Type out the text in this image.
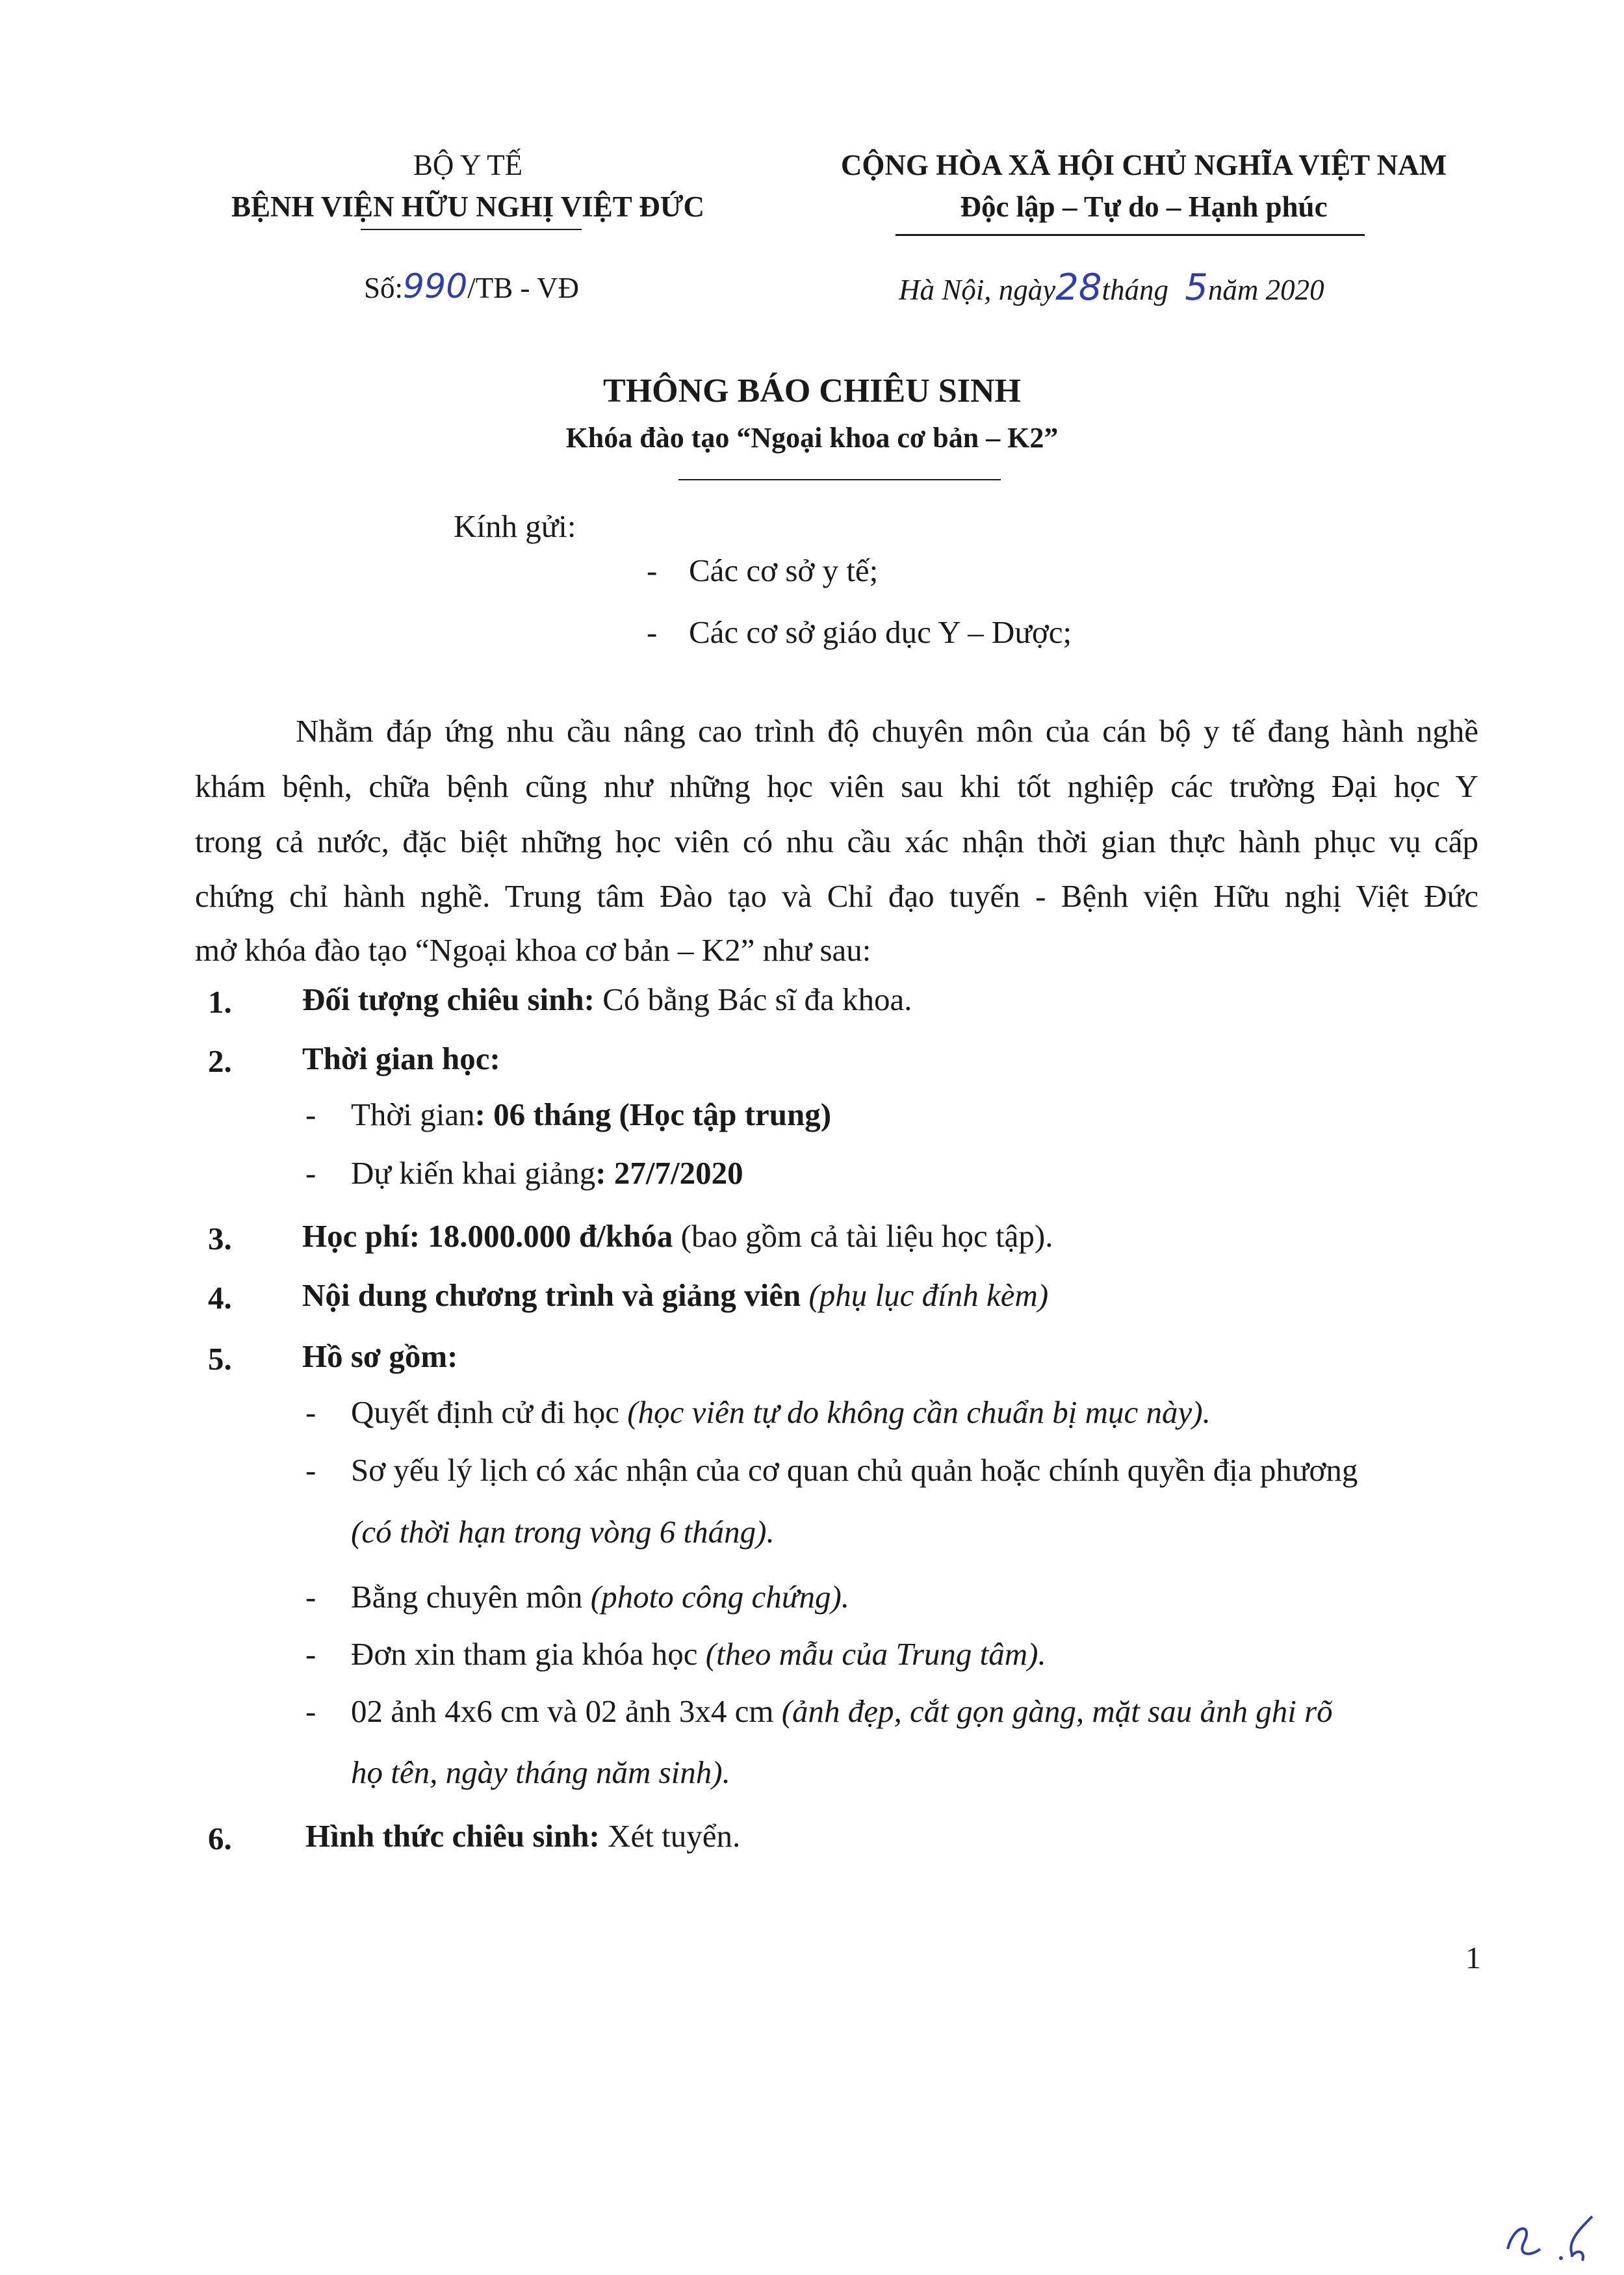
BỘ Y TẾ
BỆNH VIỆN HỮU NGHỊ VIỆT ĐỨC
CỘNG HÒA XÃ HỘI CHỦ NGHĨA VIỆT NAM
Độc lập – Tự do – Hạnh phúc
Số:990/TB - VĐ	Hà Nội, ngày28tháng 5năm 2020
THÔNG BÁO CHIÊU SINH
Khóa đào tạo “Ngoại khoa cơ bản – K2”
Kính gửi:
- Các cơ sở y tế;
- Các cơ sở giáo dục Y – Dược;
Nhằm đáp ứng nhu cầu nâng cao trình độ chuyên môn của cán bộ y tế đang hành nghề
khám bệnh, chữa bệnh cũng như những học viên sau khi tốt nghiệp các trường Đại học Y
trong cả nước, đặc biệt những học viên có nhu cầu xác nhận thời gian thực hành phục vụ cấp
chứng chỉ hành nghề. Trung tâm Đào tạo và Chỉ đạo tuyến - Bệnh viện Hữu nghị Việt Đức
mở khóa đào tạo “Ngoại khoa cơ bản – K2” như sau:
1. Đối tượng chiêu sinh: Có bằng Bác sĩ đa khoa.
2. Thời gian học:
- Thời gian: 06 tháng (Học tập trung)
- Dự kiến khai giảng: 27/7/2020
3. Học phí: 18.000.000 đ/khóa (bao gồm cả tài liệu học tập).
4. Nội dung chương trình và giảng viên (phụ lục đính kèm)
5. Hồ sơ gồm:
- Quyết định cử đi học (học viên tự do không cần chuẩn bị mục này).
- Sơ yếu lý lịch có xác nhận của cơ quan chủ quản hoặc chính quyền địa phương
(có thời hạn trong vòng 6 tháng).
- Bằng chuyên môn (photo công chứng).
- Đơn xin tham gia khóa học (theo mẫu của Trung tâm).
- 02 ảnh 4x6 cm và 02 ảnh 3x4 cm (ảnh đẹp, cắt gọn gàng, mặt sau ảnh ghi rõ
họ tên, ngày tháng năm sinh).
6. Hình thức chiêu sinh: Xét tuyển.
1
